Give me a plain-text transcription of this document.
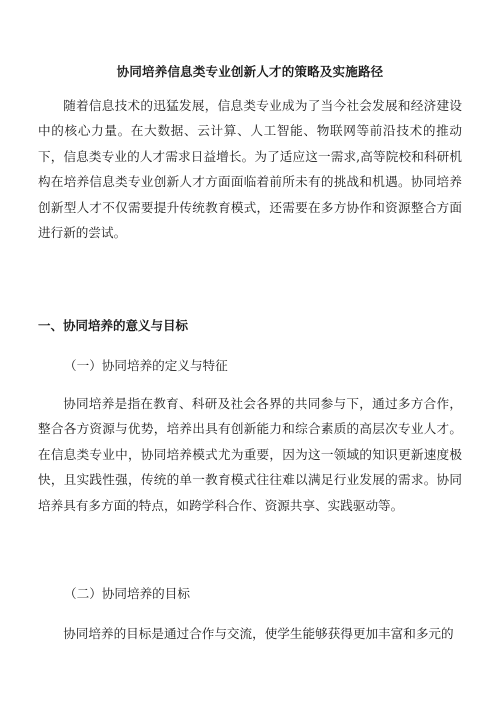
协同培养信息类专业创新人才的策略及实施路径

随着信息技术的迅猛发展，信息类专业成为了当今社会发展和经济建设中的核心力量。在大数据、云计算、人工智能、物联网等前沿技术的推动下，信息类专业的人才需求日益增长。为了适应这一需求,高等院校和科研机构在培养信息类专业创新人才方面面临着前所未有的挑战和机遇。协同培养创新型人才不仅需要提升传统教育模式，还需要在多方协作和资源整合方面进行新的尝试。

一、协同培养的意义与目标
（一）协同培养的定义与特征

协同培养是指在教育、科研及社会各界的共同参与下，通过多方合作，整合各方资源与优势，培养出具有创新能力和综合素质的高层次专业人才。在信息类专业中，协同培养模式尤为重要，因为这一领域的知识更新速度极快，且实践性强，传统的单一教育模式往往难以满足行业发展的需求。协同培养具有多方面的特点，如跨学科合作、资源共享、实践驱动等。

（二）协同培养的目标

协同培养的目标是通过合作与交流，使学生能够获得更加丰富和多元的
